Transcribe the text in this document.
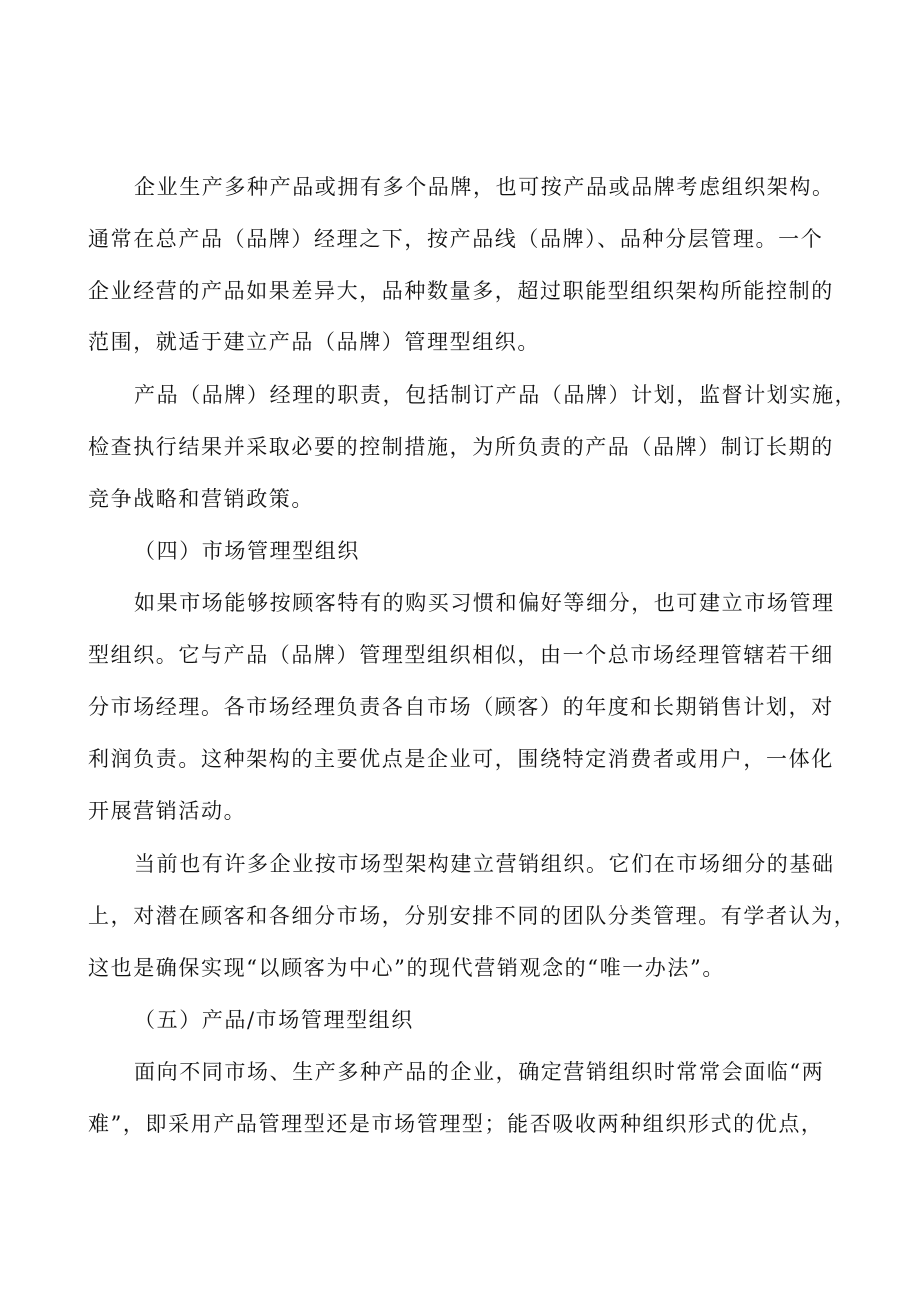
企业生产多种产品或拥有多个品牌，也可按产品或品牌考虑组织架构。

通常在总产品（品牌）经理之下，按产品线（品牌）、品种分层管理。一个

企业经营的产品如果差异大，品种数量多，超过职能型组织架构所能控制的

范围，就适于建立产品（品牌）管理型组织。

产品（品牌）经理的职责，包括制订产品（品牌）计划，监督计划实施，

检查执行结果并采取必要的控制措施，为所负责的产品（品牌）制订长期的

竞争战略和营销政策。

（四）市场管理型组织

如果市场能够按顾客特有的购买习惯和偏好等细分，也可建立市场管理

型组织。它与产品（品牌）管理型组织相似，由一个总市场经理管辖若干细

分市场经理。各市场经理负责各自市场（顾客）的年度和长期销售计划，对

利润负责。这种架构的主要优点是企业可，围绕特定消费者或用户，一体化

开展营销活动。

当前也有许多企业按市场型架构建立营销组织。它们在市场细分的基础

上，对潜在顾客和各细分市场，分别安排不同的团队分类管理。有学者认为，

这也是确保实现“以顾客为中心”的现代营销观念的“唯一办法”。

（五）产品/市场管理型组织

面向不同市场、生产多种产品的企业，确定营销组织时常常会面临“两

难”，即采用产品管理型还是市场管理型；能否吸收两种组织形式的优点，
